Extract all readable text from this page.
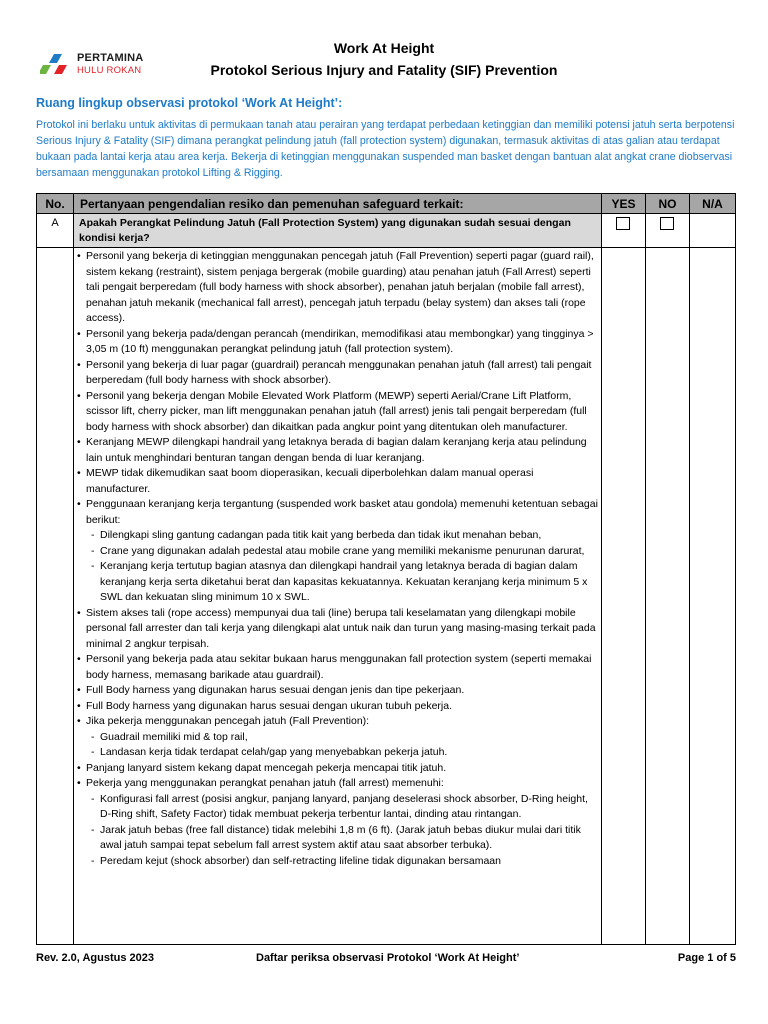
PERTAMINA
HULU ROKAN
Work At Height
Protokol Serious Injury and Fatality (SIF) Prevention
Ruang lingkup observasi protokol ‘Work At Height’:
Protokol ini berlaku untuk aktivitas di permukaan tanah atau perairan yang terdapat perbedaan ketinggian dan memiliki potensi jatuh serta berpotensi Serious Injury & Fatality (SIF) dimana perangkat pelindung jatuh (fall protection system) digunakan, termasuk aktivitas di atas galian atau terdapat bukaan pada lantai kerja atau area kerja. Bekerja di ketinggian menggunakan suspended man basket dengan bantuan alat angkat crane diobservasi bersamaan menggunakan protokol Lifting & Rigging.
No.	Pertanyaan pengendalian resiko dan pemenuhan safeguard terkait:	YES	NO	N/A
A	Apakah Perangkat Pelindung Jatuh (Fall Protection System) yang digunakan sudah sesuai dengan kondisi kerja?
• Personil yang bekerja di ketinggian menggunakan pencegah jatuh (Fall Prevention) seperti pagar (guard rail), sistem kekang (restraint), sistem penjaga bergerak (mobile guarding) atau penahan jatuh (Fall Arrest) seperti tali pengait berperedam (full body harness with shock absorber), penahan jatuh berjalan (mobile fall arrest), penahan jatuh mekanik (mechanical fall arrest), pencegah jatuh terpadu (belay system) dan akses tali (rope access).
• Personil yang bekerja pada/dengan perancah (mendirikan, memodifikasi atau membongkar) yang tingginya > 3,05 m (10 ft) menggunakan perangkat pelindung jatuh (fall protection system).
• Personil yang bekerja di luar pagar (guardrail) perancah menggunakan penahan jatuh (fall arrest) tali pengait berperedam (full body harness with shock absorber).
• Personil yang bekerja dengan Mobile Elevated Work Platform (MEWP) seperti Aerial/Crane Lift Platform, scissor lift, cherry picker, man lift menggunakan penahan jatuh (fall arrest) jenis tali pengait berperedam (full body harness with shock absorber) dan dikaitkan pada angkur point yang ditentukan oleh manufacturer.
• Keranjang MEWP dilengkapi handrail yang letaknya berada di bagian dalam keranjang kerja atau pelindung lain untuk menghindari benturan tangan dengan benda di luar keranjang.
• MEWP tidak dikemudikan saat boom dioperasikan, kecuali diperbolehkan dalam manual operasi manufacturer.
• Penggunaan keranjang kerja tergantung (suspended work basket atau gondola) memenuhi ketentuan sebagai berikut:
- Dilengkapi sling gantung cadangan pada titik kait yang berbeda dan tidak ikut menahan beban,
- Crane yang digunakan adalah pedestal atau mobile crane yang memiliki mekanisme penurunan darurat,
- Keranjang kerja tertutup bagian atasnya dan dilengkapi handrail yang letaknya berada di bagian dalam keranjang kerja serta diketahui berat dan kapasitas kekuatannya. Kekuatan keranjang kerja minimum 5 x SWL dan kekuatan sling minimum 10 x SWL.
• Sistem akses tali (rope access) mempunyai dua tali (line) berupa tali keselamatan yang dilengkapi mobile personal fall arrester dan tali kerja yang dilengkapi alat untuk naik dan turun yang masing-masing terkait pada minimal 2 angkur terpisah.
• Personil yang bekerja pada atau sekitar bukaan harus menggunakan fall protection system (seperti memakai body harness, memasang barikade atau guardrail).
• Full Body harness yang digunakan harus sesuai dengan jenis dan tipe pekerjaan.
• Full Body harness yang digunakan harus sesuai dengan ukuran tubuh pekerja.
• Jika pekerja menggunakan pencegah jatuh (Fall Prevention):
- Guadrail memiliki mid & top rail,
- Landasan kerja tidak terdapat celah/gap yang menyebabkan pekerja jatuh.
• Panjang lanyard sistem kekang dapat mencegah pekerja mencapai titik jatuh.
• Pekerja yang menggunakan perangkat penahan jatuh (fall arrest) memenuhi:
- Konfigurasi fall arrest (posisi angkur, panjang lanyard, panjang deselerasi shock absorber, D-Ring height, D-Ring shift, Safety Factor) tidak membuat pekerja terbentur lantai, dinding atau rintangan.
- Jarak jatuh bebas (free fall distance) tidak melebihi 1,8 m (6 ft). (Jarak jatuh bebas diukur mulai dari titik awal jatuh sampai tepat sebelum fall arrest system aktif atau saat absorber terbuka).
- Peredam kejut (shock absorber) dan self-retracting lifeline tidak digunakan bersamaan
Rev. 2.0, Agustus 2023	Daftar periksa observasi Protokol ‘Work At Height’	Page 1 of 5
